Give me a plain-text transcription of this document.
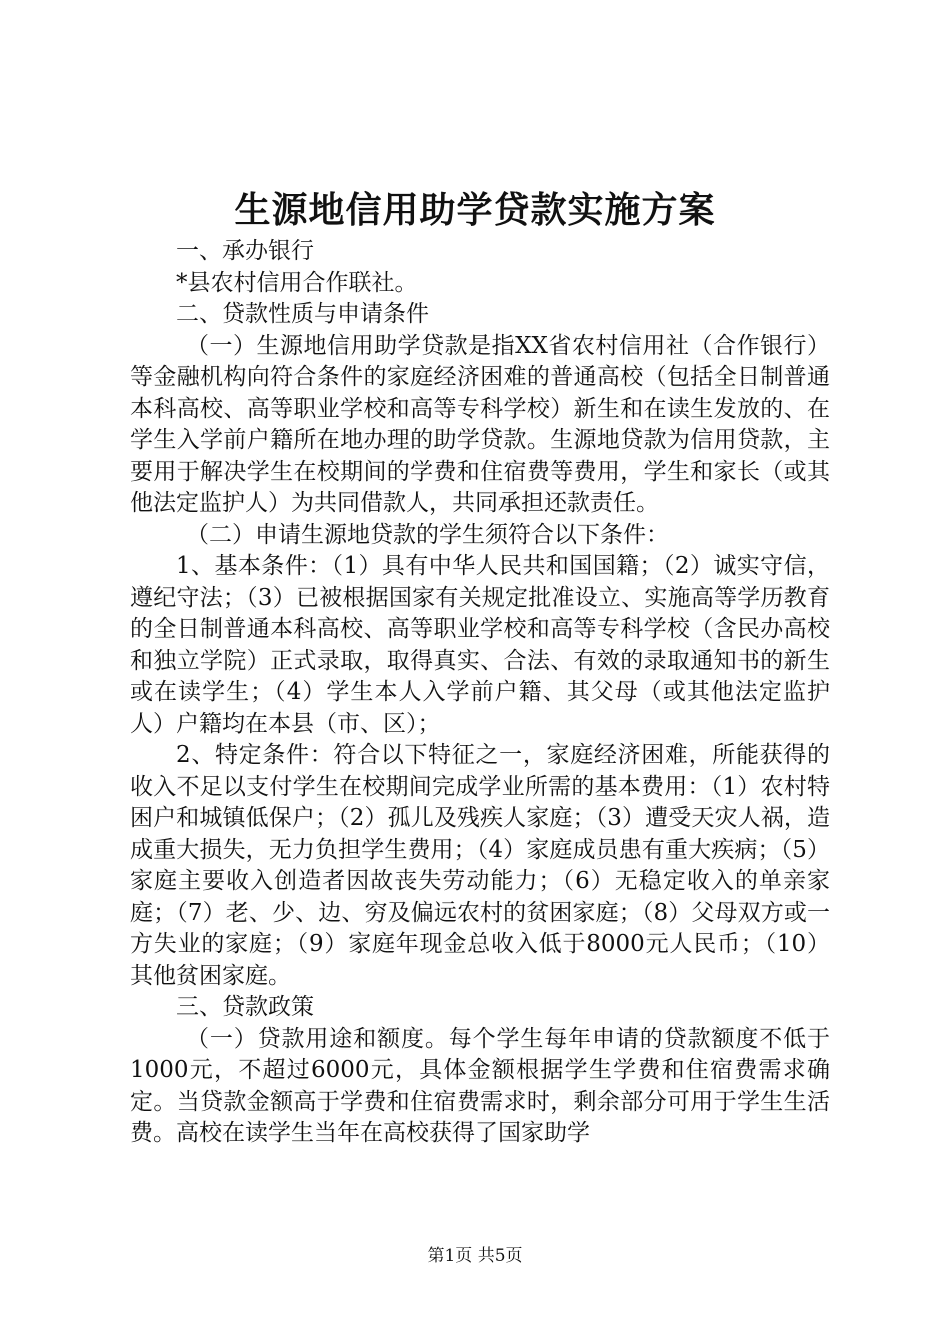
生源地信用助学贷款实施方案

一、承办银行

*县农村信用合作联社。

二、贷款性质与申请条件

（一）生源地信用助学贷款是指XX省农村信用社（合作银行）等金融机构向符合条件的家庭经济困难的普通高校（包括全日制普通本科高校、高等职业学校和高等专科学校）新生和在读生发放的、在学生入学前户籍所在地办理的助学贷款。生源地贷款为信用贷款，主要用于解决学生在校期间的学费和住宿费等费用，学生和家长（或其他法定监护人）为共同借款人，共同承担还款责任。

（二）申请生源地贷款的学生须符合以下条件：

1、基本条件：（1）具有中华人民共和国国籍；（2）诚实守信，遵纪守法；（3）已被根据国家有关规定批准设立、实施高等学历教育的全日制普通本科高校、高等职业学校和高等专科学校（含民办高校和独立学院）正式录取，取得真实、合法、有效的录取通知书的新生或在读学生；（4）学生本人入学前户籍、其父母（或其他法定监护人）户籍均在本县（市、区）；

2、特定条件：符合以下特征之一，家庭经济困难，所能获得的收入不足以支付学生在校期间完成学业所需的基本费用：（1）农村特困户和城镇低保户；（2）孤儿及残疾人家庭；（3）遭受天灾人祸，造成重大损失，无力负担学生费用；（4）家庭成员患有重大疾病；（5）家庭主要收入创造者因故丧失劳动能力；（6）无稳定收入的单亲家庭；（7）老、少、边、穷及偏远农村的贫困家庭；（8）父母双方或一方失业的家庭；（9）家庭年现金总收入低于8000元人民币；（10）其他贫困家庭。

三、贷款政策

（一）贷款用途和额度。每个学生每年申请的贷款额度不低于1000元，不超过6000元，具体金额根据学生学费和住宿费需求确定。当贷款金额高于学费和住宿费需求时，剩余部分可用于学生生活费。高校在读学生当年在高校获得了国家助学

第1页 共5页
